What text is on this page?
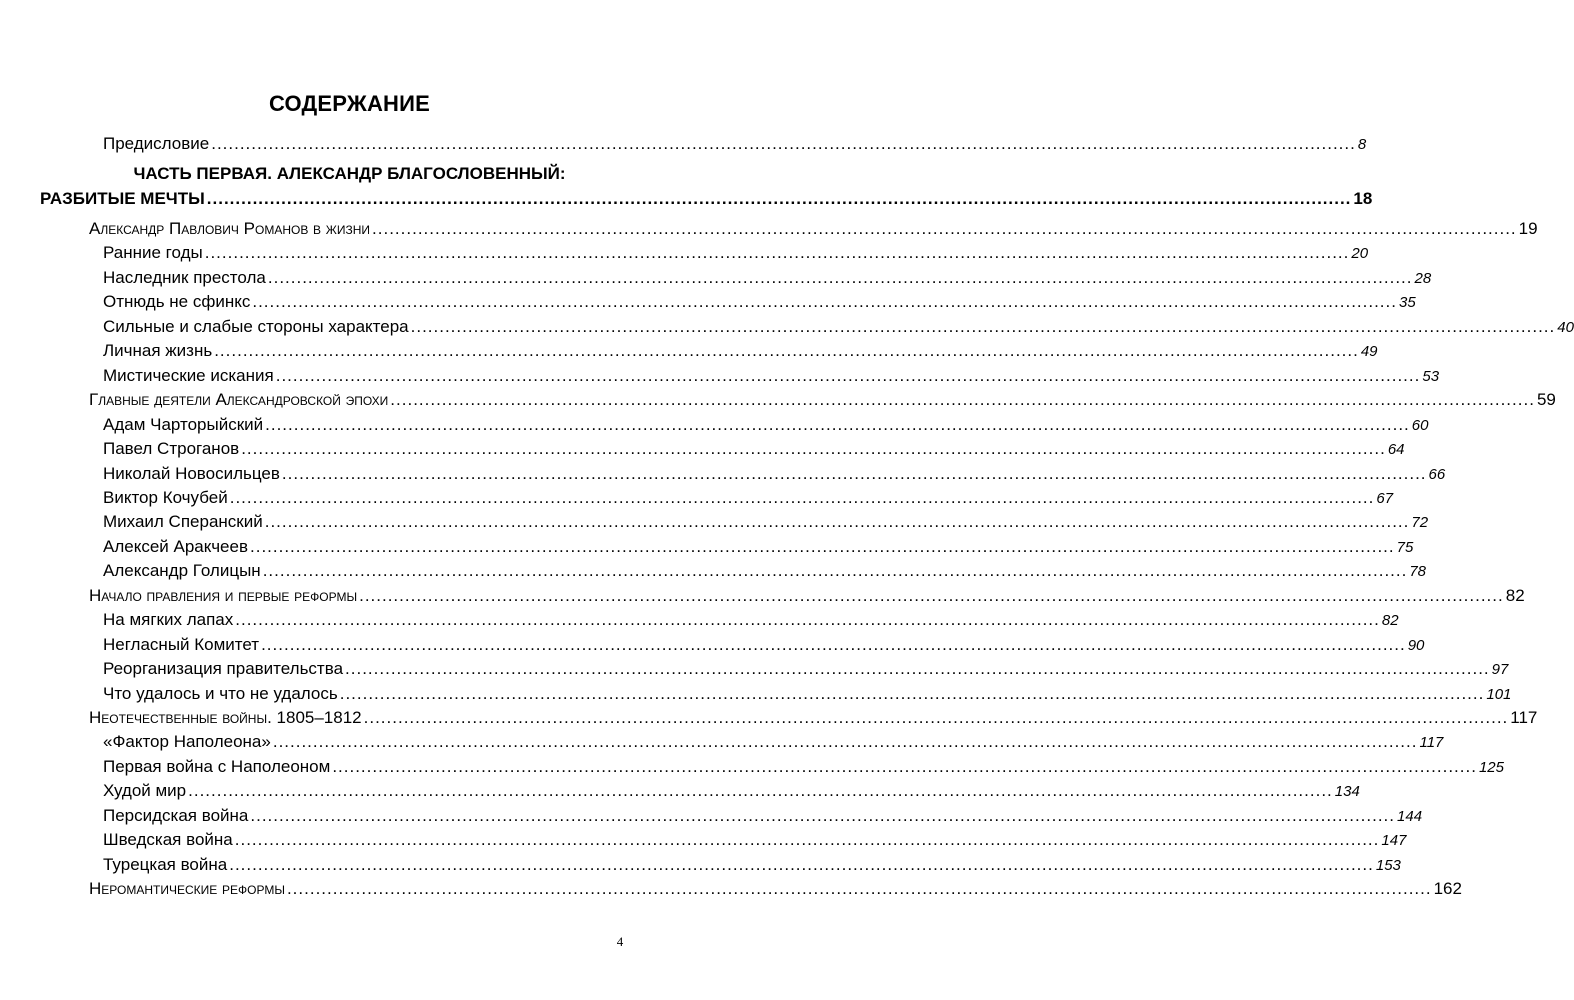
СОДЕРЖАНИЕ
Предисловие ........................................................................................................................................................................................................ 8
ЧАСТЬ ПЕРВАЯ. АЛЕКСАНДР БЛАГОСЛОВЕННЫЙ:
РАЗБИТЫЕ МЕЧТЫ ........................................................................................................................................................................................................ 18
Александр Павлович Романов в жизни ........................................................................................................................................................................................................ 19
Ранние годы ........................................................................................................................................................................................................ 20
Наследник престола ........................................................................................................................................................................................................ 28
Отнюдь не сфинкс ........................................................................................................................................................................................................ 35
Сильные и слабые стороны характера ........................................................................................................................................................................................................ 40
Личная жизнь ........................................................................................................................................................................................................ 49
Мистические искания ........................................................................................................................................................................................................ 53
Главные деятели Александровской эпохи ........................................................................................................................................................................................................ 59
Адам Чарторыйский ........................................................................................................................................................................................................ 60
Павел Строганов ........................................................................................................................................................................................................ 64
Николай Новосильцев ........................................................................................................................................................................................................ 66
Виктор Кочубей ........................................................................................................................................................................................................ 67
Михаил Сперанский ........................................................................................................................................................................................................ 72
Алексей Аракчеев ........................................................................................................................................................................................................ 75
Александр Голицын ........................................................................................................................................................................................................ 78
Начало правления и первые реформы ........................................................................................................................................................................................................ 82
На мягких лапах ........................................................................................................................................................................................................ 82
Негласный Комитет ........................................................................................................................................................................................................ 90
Реорганизация правительства ........................................................................................................................................................................................................ 97
Что удалось и что не удалось ........................................................................................................................................................................................................ 101
Неотечественные войны. 1805–1812 ........................................................................................................................................................................................................ 117
«Фактор Наполеона» ........................................................................................................................................................................................................ 117
Первая война с Наполеоном ........................................................................................................................................................................................................ 125
Худой мир ........................................................................................................................................................................................................ 134
Персидская война ........................................................................................................................................................................................................ 144
Шведская война ........................................................................................................................................................................................................ 147
Турецкая война ........................................................................................................................................................................................................ 153
Неромантические реформы ........................................................................................................................................................................................................ 162
4
